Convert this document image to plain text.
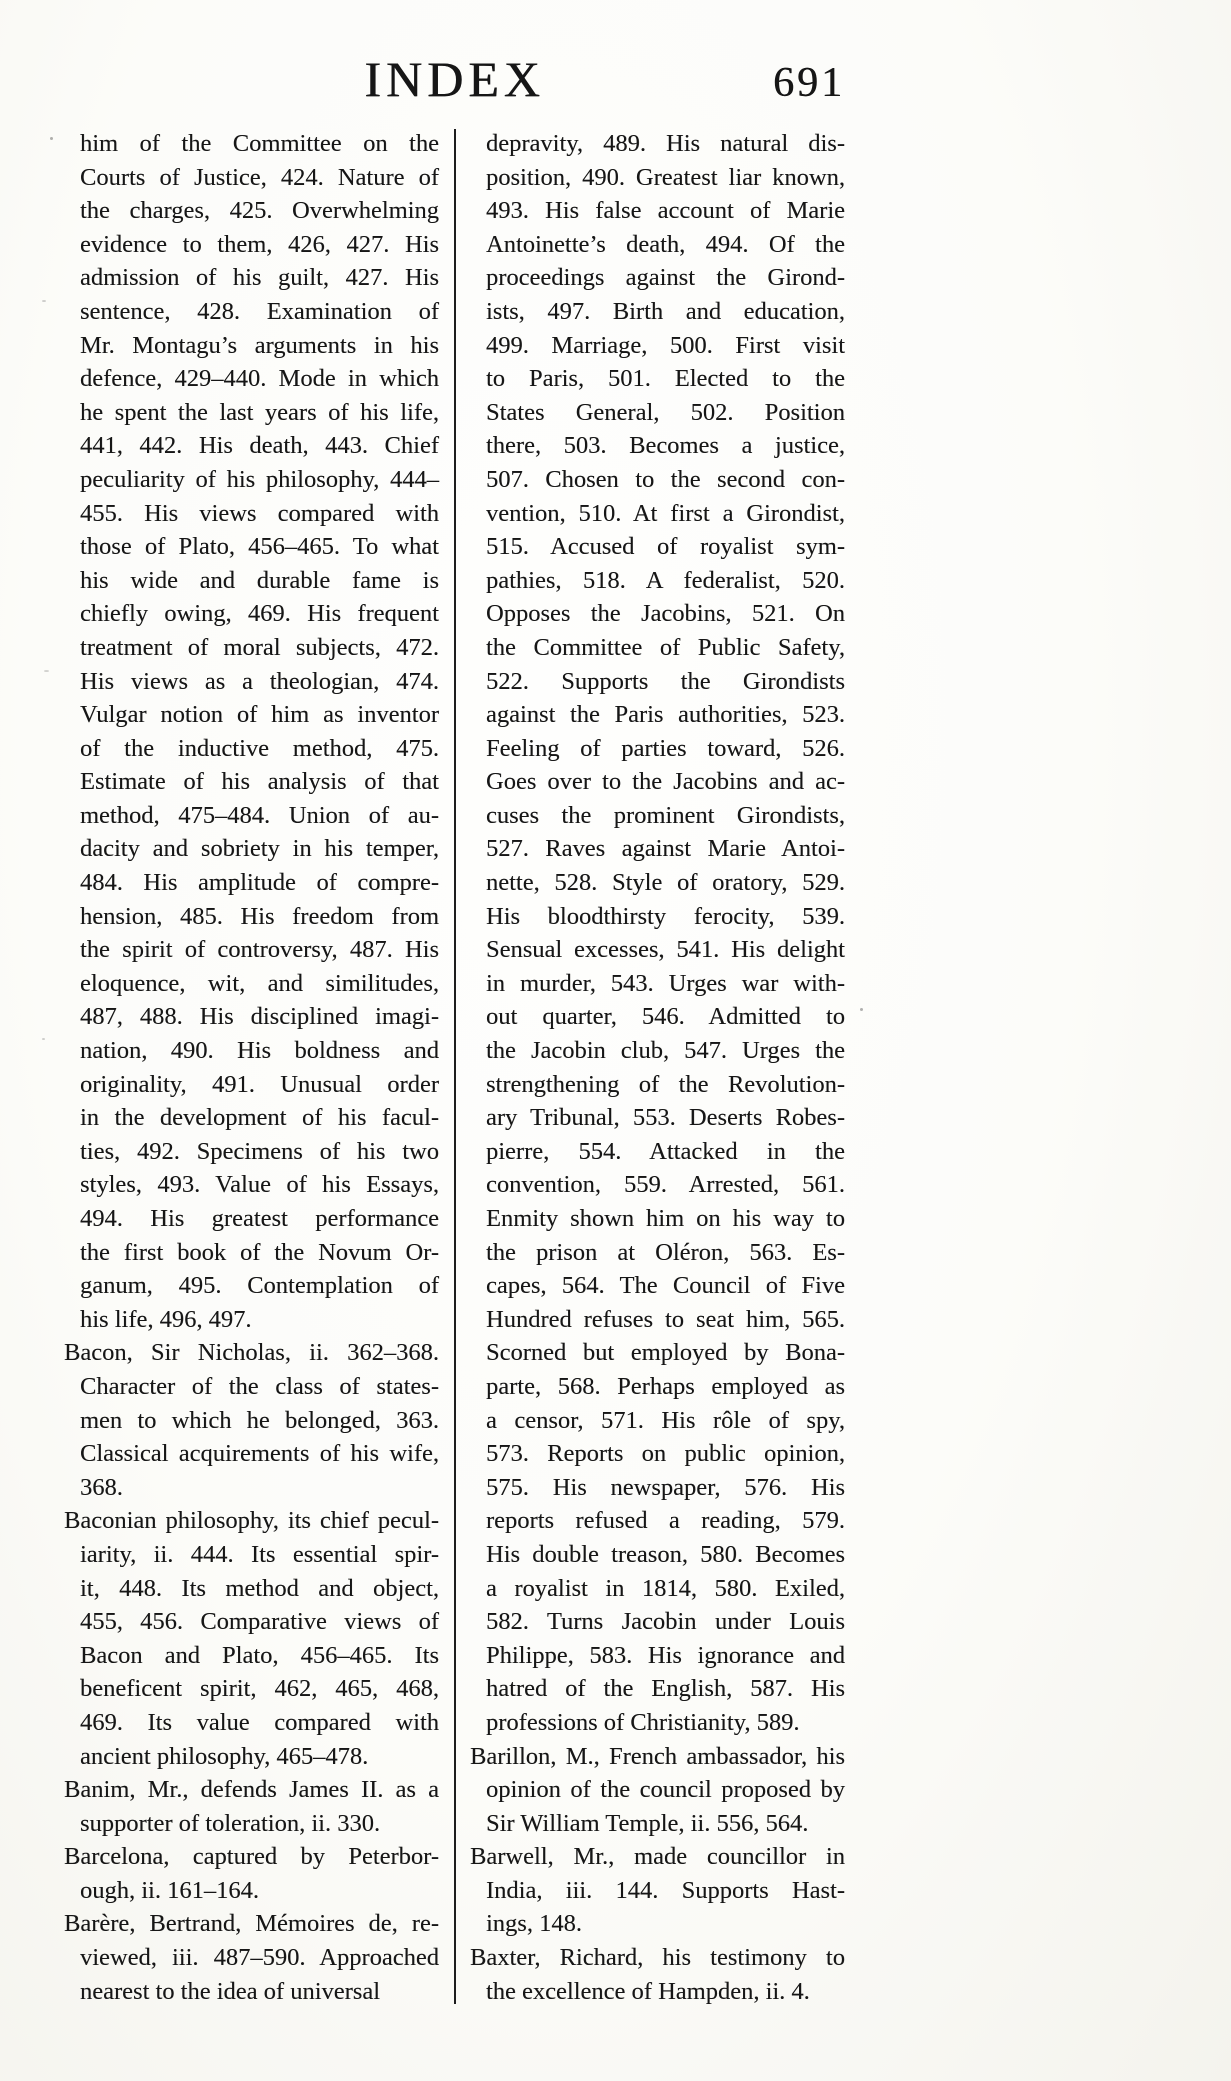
INDEX	691
him of the Committee on the
Courts of Justice, 424. Nature of
the charges, 425. Overwhelming
evidence to them, 426, 427. His
admission of his guilt, 427. His
sentence, 428. Examination of
Mr. Montagu’s arguments in his
defence, 429–440. Mode in which
he spent the last years of his life,
441, 442. His death, 443. Chief
peculiarity of his philosophy, 444–
455. His views compared with
those of Plato, 456–465. To what
his wide and durable fame is
chiefly owing, 469. His frequent
treatment of moral subjects, 472.
His views as a theologian, 474.
Vulgar notion of him as inventor
of the inductive method, 475.
Estimate of his analysis of that
method, 475–484. Union of au-
dacity and sobriety in his temper,
484. His amplitude of compre-
hension, 485. His freedom from
the spirit of controversy, 487. His
eloquence, wit, and similitudes,
487, 488. His disciplined imagi-
nation, 490. His boldness and
originality, 491. Unusual order
in the development of his facul-
ties, 492. Specimens of his two
styles, 493. Value of his Essays,
494. His greatest performance
the first book of the Novum Or-
ganum, 495. Contemplation of
his life, 496, 497.
Bacon, Sir Nicholas, ii. 362–368.
Character of the class of states-
men to which he belonged, 363.
Classical acquirements of his wife,
368.
Baconian philosophy, its chief pecul-
iarity, ii. 444. Its essential spir-
it, 448. Its method and object,
455, 456. Comparative views of
Bacon and Plato, 456–465. Its
beneficent spirit, 462, 465, 468,
469. Its value compared with
ancient philosophy, 465–478.
Banim, Mr., defends James II. as a
supporter of toleration, ii. 330.
Barcelona, captured by Peterbor-
ough, ii. 161–164.
Barère, Bertrand, Mémoires de, re-
viewed, iii. 487–590. Approached
nearest to the idea of universal
depravity, 489. His natural dis-
position, 490. Greatest liar known,
493. His false account of Marie
Antoinette’s death, 494. Of the
proceedings against the Girond-
ists, 497. Birth and education,
499. Marriage, 500. First visit
to Paris, 501. Elected to the
States General, 502. Position
there, 503. Becomes a justice,
507. Chosen to the second con-
vention, 510. At first a Girondist,
515. Accused of royalist sym-
pathies, 518. A federalist, 520.
Opposes the Jacobins, 521. On
the Committee of Public Safety,
522. Supports the Girondists
against the Paris authorities, 523.
Feeling of parties toward, 526.
Goes over to the Jacobins and ac-
cuses the prominent Girondists,
527. Raves against Marie Antoi-
nette, 528. Style of oratory, 529.
His bloodthirsty ferocity, 539.
Sensual excesses, 541. His delight
in murder, 543. Urges war with-
out quarter, 546. Admitted to
the Jacobin club, 547. Urges the
strengthening of the Revolution-
ary Tribunal, 553. Deserts Robes-
pierre, 554. Attacked in the
convention, 559. Arrested, 561.
Enmity shown him on his way to
the prison at Oléron, 563. Es-
capes, 564. The Council of Five
Hundred refuses to seat him, 565.
Scorned but employed by Bona-
parte, 568. Perhaps employed as
a censor, 571. His rôle of spy,
573. Reports on public opinion,
575. His newspaper, 576. His
reports refused a reading, 579.
His double treason, 580. Becomes
a royalist in 1814, 580. Exiled,
582. Turns Jacobin under Louis
Philippe, 583. His ignorance and
hatred of the English, 587. His
professions of Christianity, 589.
Barillon, M., French ambassador, his
opinion of the council proposed by
Sir William Temple, ii. 556, 564.
Barwell, Mr., made councillor in
India, iii. 144. Supports Hast-
ings, 148.
Baxter, Richard, his testimony to
the excellence of Hampden, ii. 4.
